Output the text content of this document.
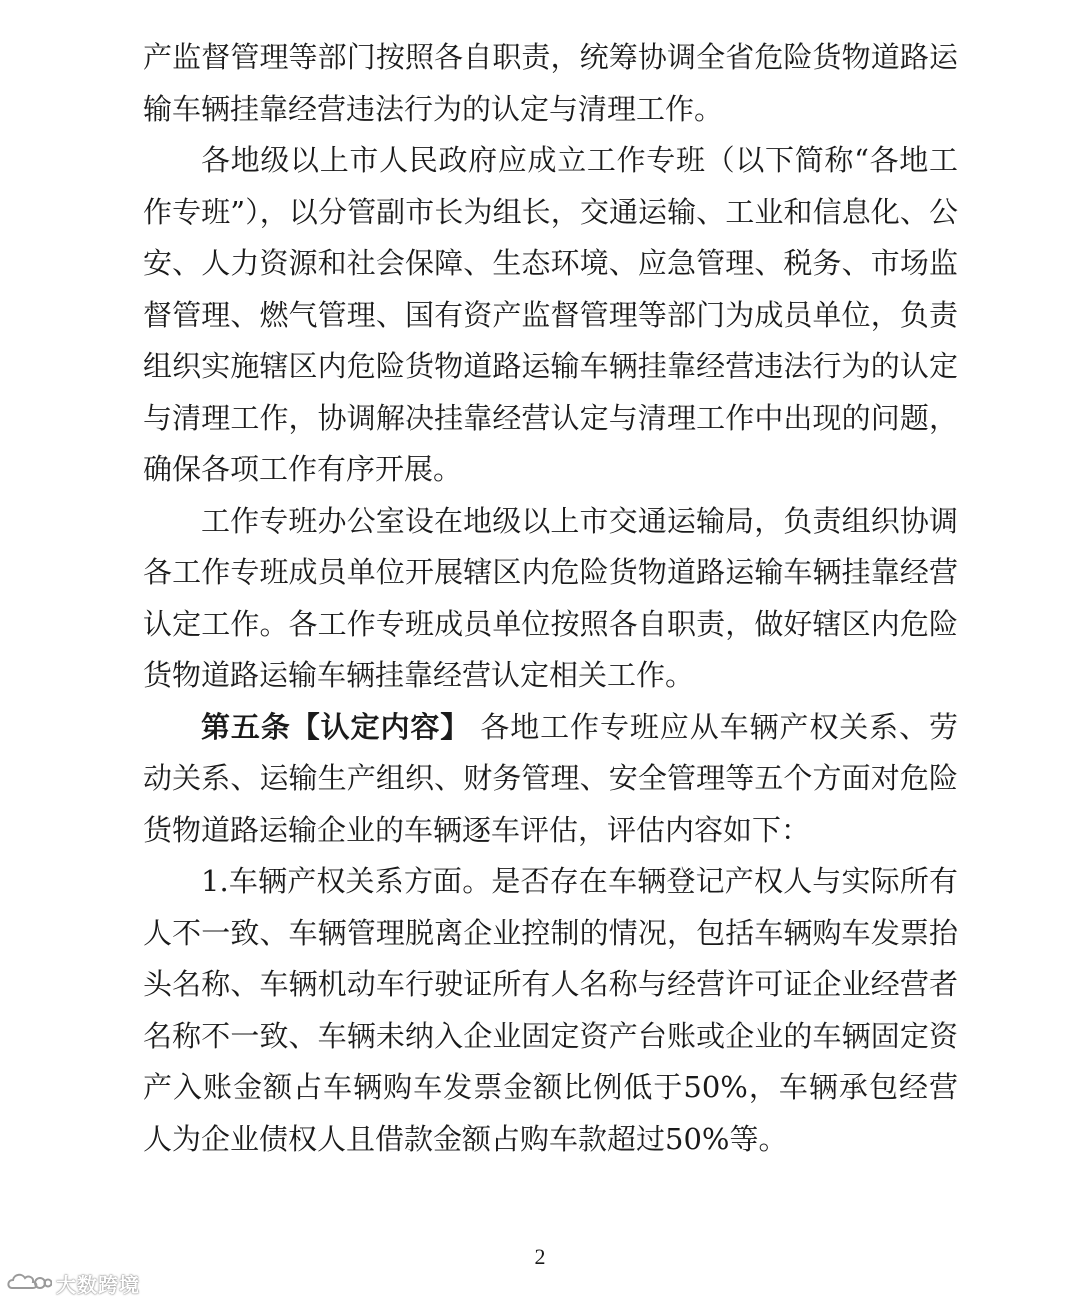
产监督管理等部门按照各自职责，统筹协调全省危险货物道路运输车辆挂靠经营违法行为的认定与清理工作。

各地级以上市人民政府应成立工作专班（以下简称“各地工作专班”），以分管副市长为组长，交通运输、工业和信息化、公安、人力资源和社会保障、生态环境、应急管理、税务、市场监督管理、燃气管理、国有资产监督管理等部门为成员单位，负责组织实施辖区内危险货物道路运输车辆挂靠经营违法行为的认定与清理工作，协调解决挂靠经营认定与清理工作中出现的问题，确保各项工作有序开展。

工作专班办公室设在地级以上市交通运输局，负责组织协调各工作专班成员单位开展辖区内危险货物道路运输车辆挂靠经营认定工作。各工作专班成员单位按照各自职责，做好辖区内危险货物道路运输车辆挂靠经营认定相关工作。

第五条【认定内容】 各地工作专班应从车辆产权关系、劳动关系、运输生产组织、财务管理、安全管理等五个方面对危险货物道路运输企业的车辆逐车评估，评估内容如下：

1.车辆产权关系方面。是否存在车辆登记产权人与实际所有人不一致、车辆管理脱离企业控制的情况，包括车辆购车发票抬头名称、车辆机动车行驶证所有人名称与经营许可证企业经营者名称不一致、车辆未纳入企业固定资产台账或企业的车辆固定资产入账金额占车辆购车发票金额比例低于50%，车辆承包经营人为企业债权人且借款金额占购车款超过50%等。

2
大数跨境
